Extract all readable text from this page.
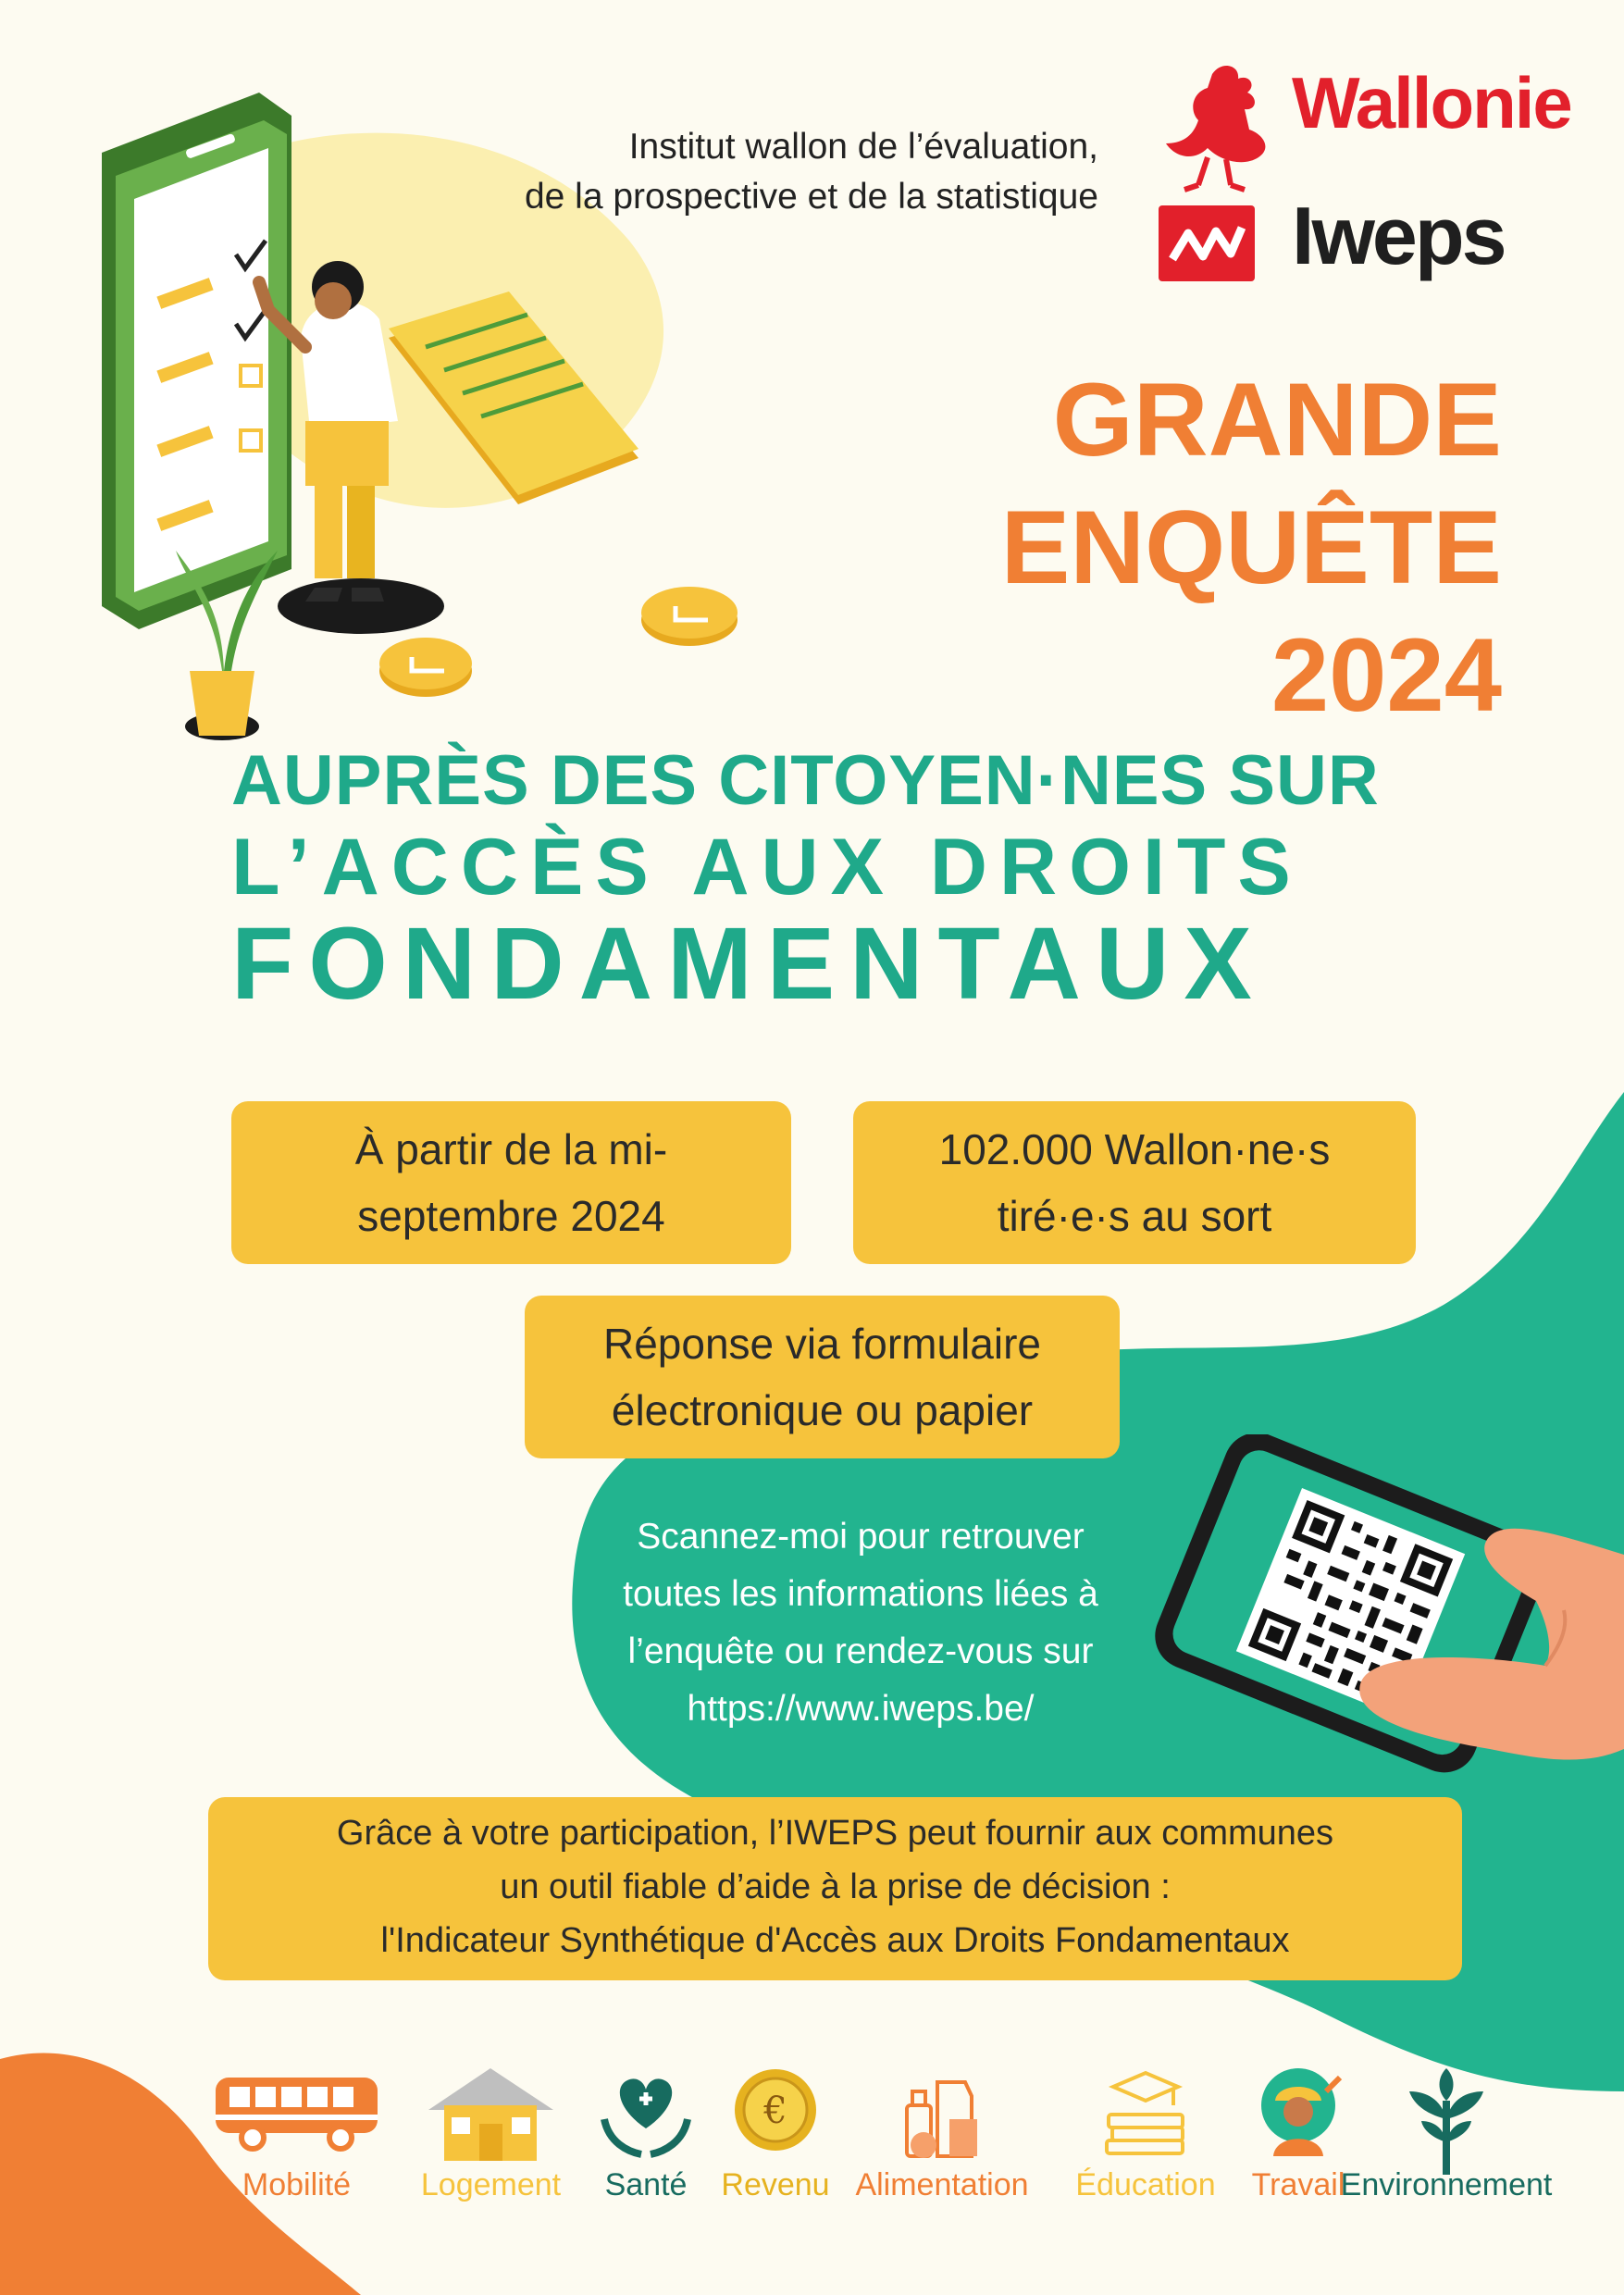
Institut wallon de l’évaluation,
de la prospective et de la statistique
Wallonie
Iweps
GRANDE
ENQUÊTE
2024
AUPRÈS DES CITOYEN·NES SUR
L’ACCÈS AUX DROITS
FONDAMENTAUX
À partir de la mi-
septembre 2024
102.000 Wallon·ne·s
tiré·e·s au sort
Réponse via formulaire
électronique ou papier
Scannez-moi pour retrouver
toutes les informations liées à
l’enquête ou rendez-vous sur
https://www.iweps.be/
Grâce à votre participation, l’IWEPS peut fournir aux communes
un outil fiable d’aide à la prise de décision :
l'Indicateur Synthétique d'Accès aux Droits Fondamentaux
Mobilité Logement Santé
€
Revenu Alimentation Éducation Travail
Environnement
